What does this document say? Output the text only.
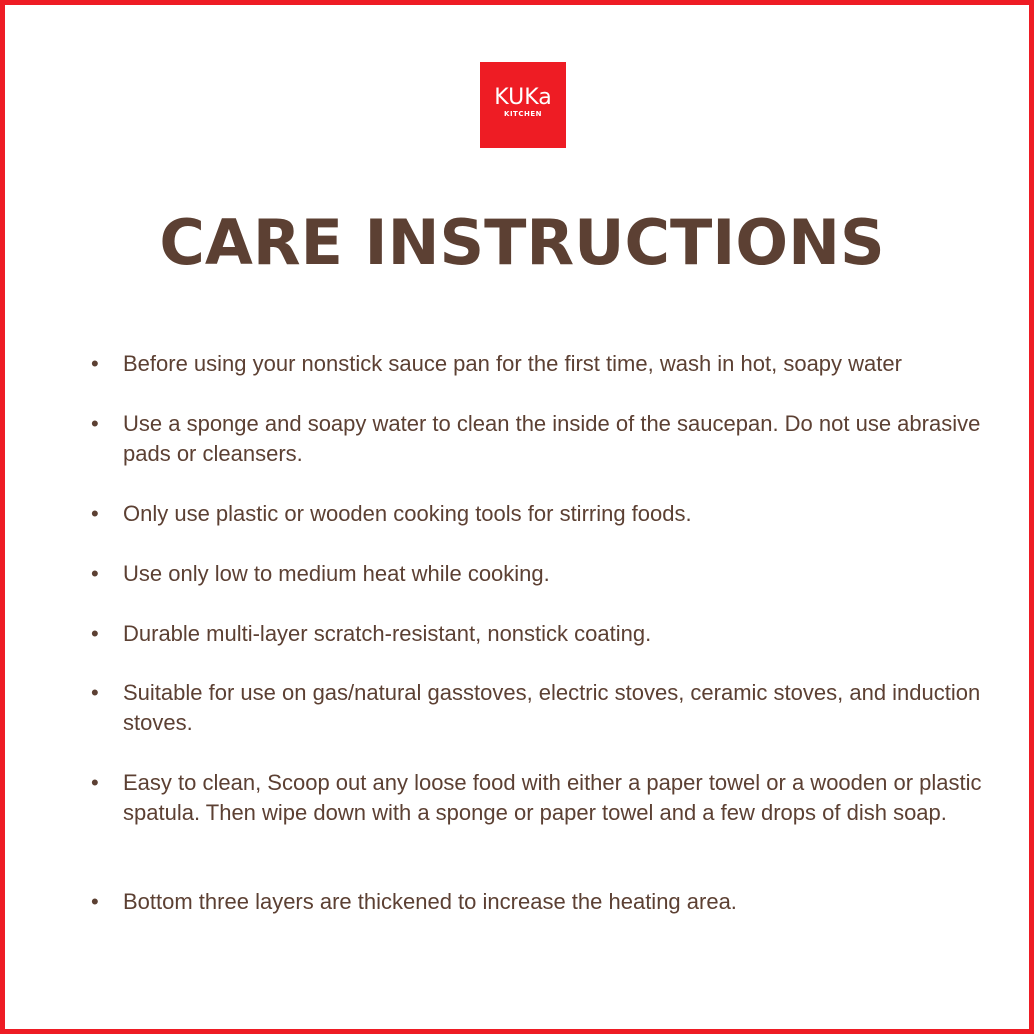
KUKa
KITCHEN
CARE INSTRUCTIONS
•	Before using your nonstick sauce pan for the first time, wash in hot, soapy water
•	Use a sponge and soapy water to clean the inside of the saucepan. Do not use abrasive pads or cleansers.
•	Only use plastic or wooden cooking tools for stirring foods.
•	Use only low to medium heat while cooking.
•	Durable multi-layer scratch-resistant, nonstick coating.
•	Suitable for use on gas/natural gasstoves, electric stoves, ceramic stoves, and induction stoves.
•	Easy to clean, Scoop out any loose food with either a paper towel or a wooden or plastic spatula. Then wipe down with a sponge or paper towel and a few drops of dish soap.
•	Bottom three layers are thickened to increase the heating area.
